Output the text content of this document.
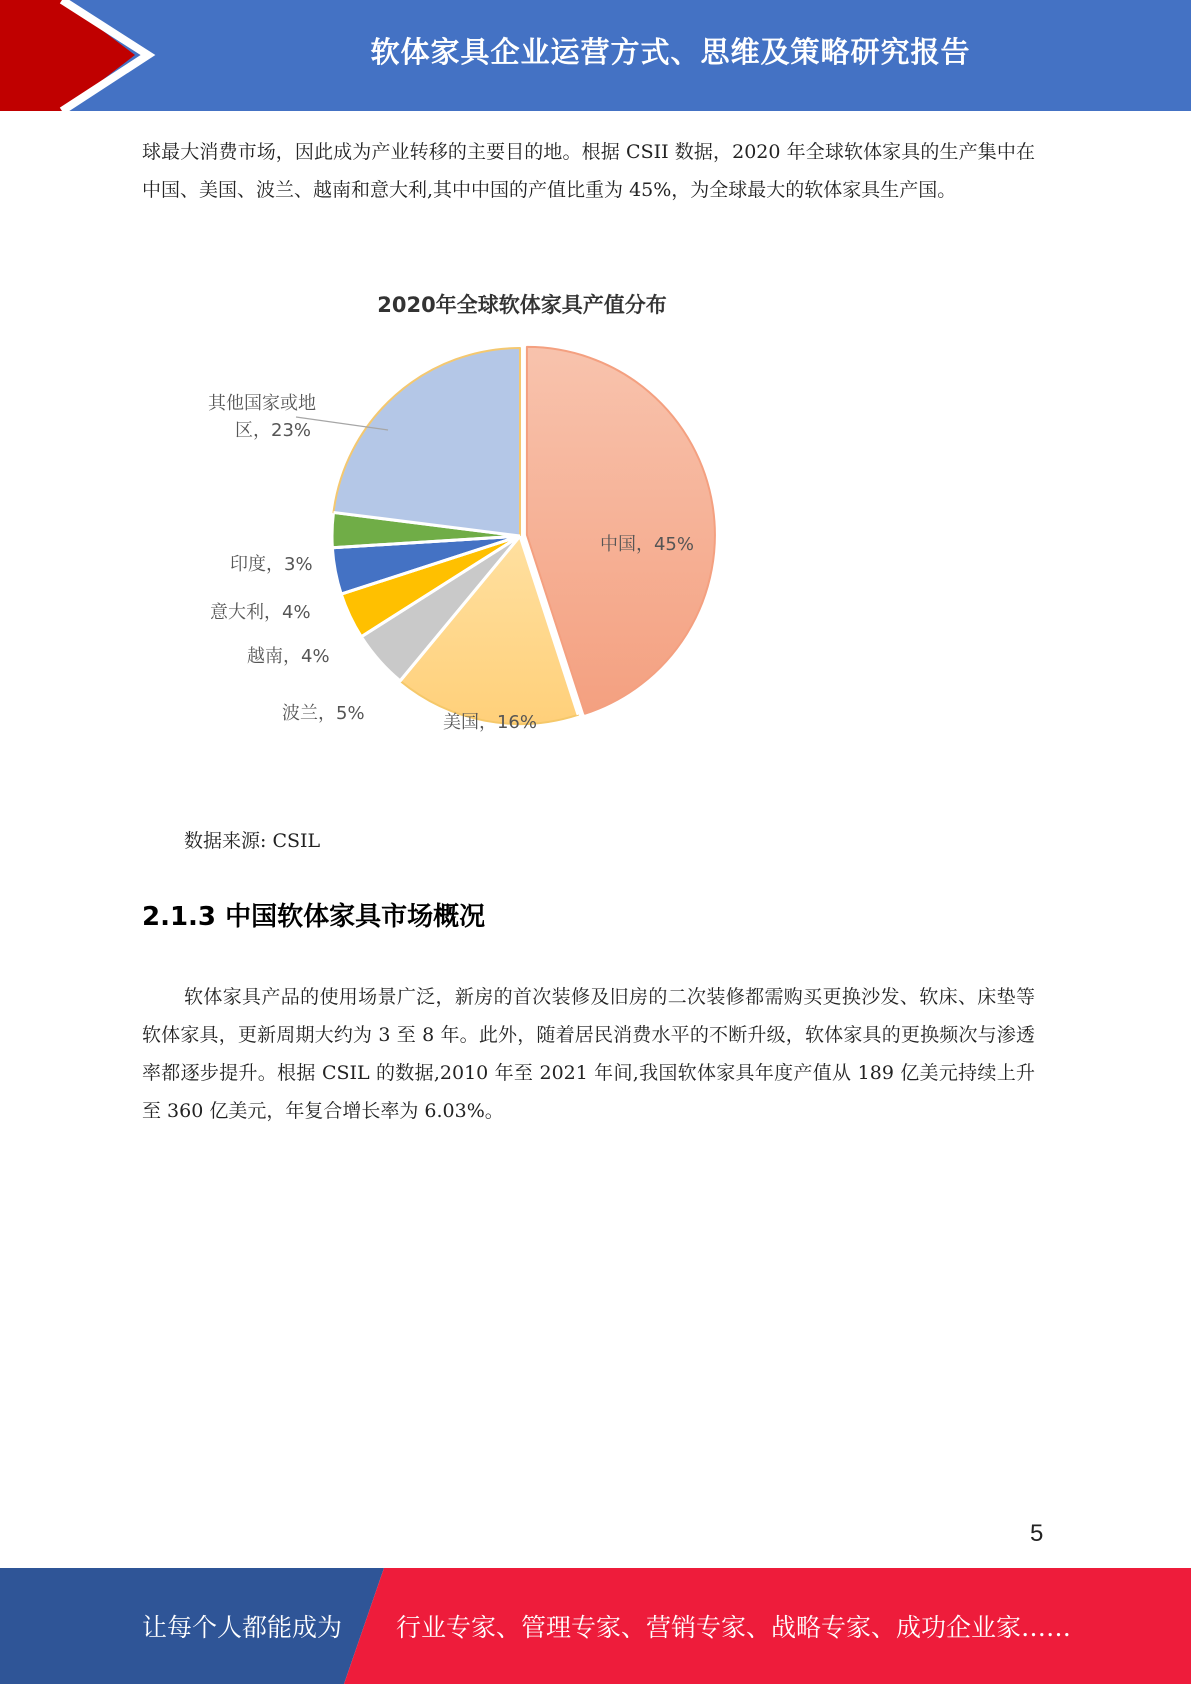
软体家具企业运营方式、思维及策略研究报告

球最大消费市场，因此成为产业转移的主要目的地。根据 CSII 数据，2020 年全球软体家具的生产集中在中国、美国、波兰、越南和意大利,其中中国的产值比重为 45%，为全球最大的软体家具生产国。

2020年全球软体家具产值分布
中国，45%
美国，16%
波兰，5%
越南，4%
意大利，4%
印度，3%
其他国家或地区，23%

数据来源: CSIL

2.1.3 中国软体家具市场概况

软体家具产品的使用场景广泛，新房的首次装修及旧房的二次装修都需购买更换沙发、软床、床垫等软体家具，更新周期大约为 3 至 8 年。此外，随着居民消费水平的不断升级，软体家具的更换频次与渗透率都逐步提升。根据 CSIL 的数据,2010 年至 2021 年间,我国软体家具年度产值从 189 亿美元持续上升至 360 亿美元，年复合增长率为 6.03%。

5
让每个人都能成为 行业专家、管理专家、营销专家、战略专家、成功企业家……
